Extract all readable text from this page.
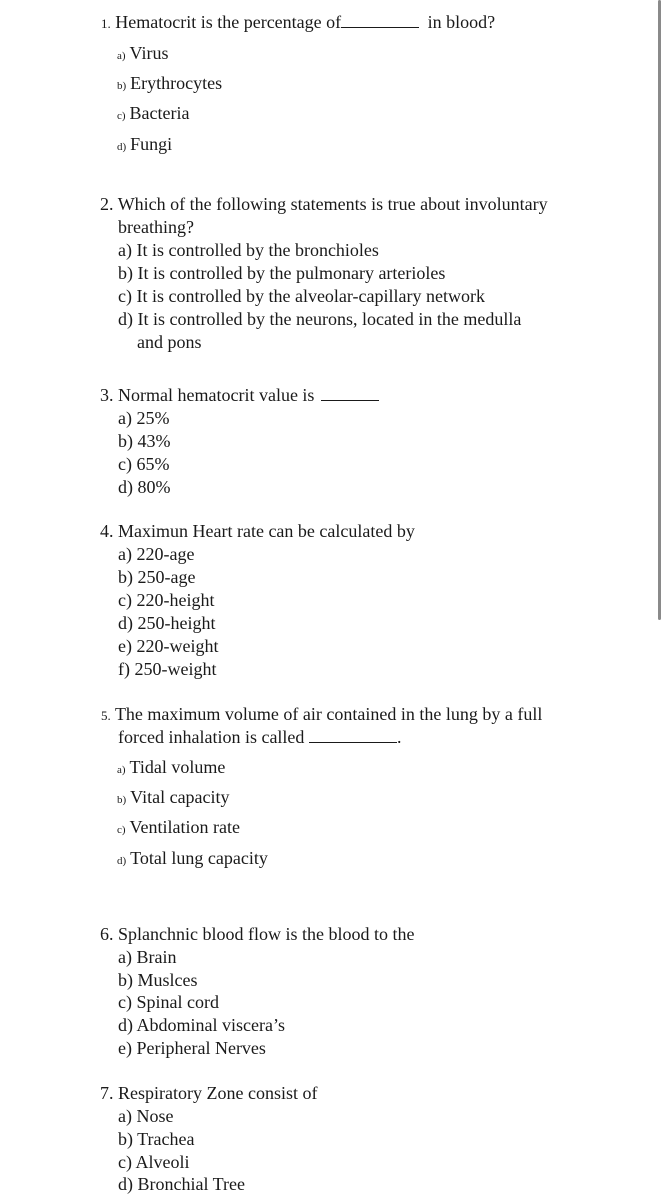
1. Hematocrit is the percentage of	in blood?
a) Virus
b) Erythrocytes
c) Bacteria
d) Fungi
2. Which of the following statements is true about involuntary
breathing?
a) It is controlled by the bronchioles
b) It is controlled by the pulmonary arterioles
c) It is controlled by the alveolar-capillary network
d) It is controlled by the neurons, located in the medulla
and pons
3. Normal hematocrit value is
a) 25%
b) 43%
c) 65%
d) 80%
4. Maximun Heart rate can be calculated by
a) 220-age
b) 250-age
c) 220-height
d) 250-height
e) 220-weight
f) 250-weight
5. The maximum volume of air contained in the lung by a full
forced inhalation is called	.
a) Tidal volume
b) Vital capacity
c) Ventilation rate
d) Total lung capacity
6. Splanchnic blood flow is the blood to the
a) Brain
b) Muslces
c) Spinal cord
d) Abdominal viscera’s
e) Peripheral Nerves
7. Respiratory Zone consist of
a) Nose
b) Trachea
c) Alveoli
d) Bronchial Tree
